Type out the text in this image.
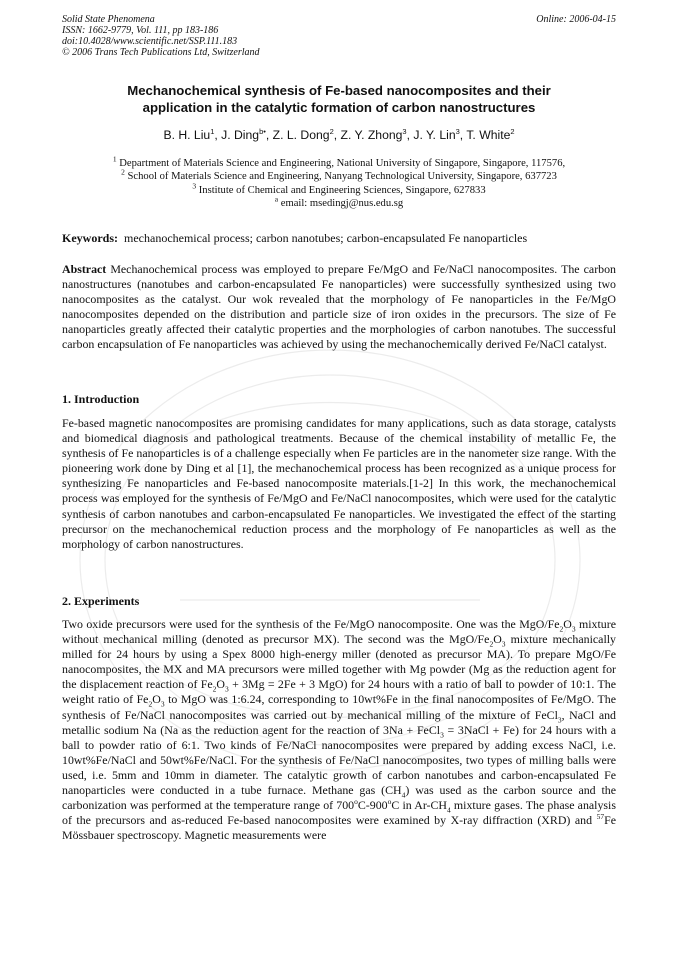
Solid State Phenomena
ISSN: 1662-9779, Vol. 111, pp 183-186
doi:10.4028/www.scientific.net/SSP.111.183
© 2006 Trans Tech Publications Ltd, Switzerland
Online: 2006-04-15
Mechanochemical synthesis of Fe-based nanocomposites and their
application in the catalytic formation of carbon nanostructures
B. H. Liu$^1$, J. Ding$^{b•}$, Z. L. Dong$^2$, Z. Y. Zhong$^3$, J. Y. Lin$^3$, T. White$^2$
$^1$ Department of Materials Science and Engineering, National University of Singapore, Singapore, 117576,
$^2$ School of Materials Science and Engineering, Nanyang Technological University, Singapore, 637723
$^3$ Institute of Chemical and Engineering Sciences, Singapore, 627833
$^a$ email: msedingj@nus.edu.sg
Keywords: mechanochemical process; carbon nanotubes; carbon-encapsulated Fe nanoparticles
Abstract Mechanochemical process was employed to prepare Fe/MgO and Fe/NaCl nanocomposites. The carbon nanostructures (nanotubes and carbon-encapsulated Fe nanoparticles) were successfully synthesized using two nanocomposites as the catalyst. Our wok revealed that the morphology of Fe nanoparticles in the Fe/MgO nanocomposites depended on the distribution and particle size of iron oxides in the precursors. The size of Fe nanoparticles greatly affected their catalytic properties and the morphologies of carbon nanotubes. The successful carbon encapsulation of Fe nanoparticles was achieved by using the mechanochemically derived Fe/NaCl catalyst.
1. Introduction
Fe-based magnetic nanocomposites are promising candidates for many applications, such as data storage, catalysts and biomedical diagnosis and pathological treatments. Because of the chemical instability of metallic Fe, the synthesis of Fe nanoparticles is of a challenge especially when Fe particles are in the nanometer size range. With the pioneering work done by Ding et al [1], the mechanochemical process has been recognized as a unique process for synthesizing Fe nanoparticles and Fe-based nanocomposite materials.[1-2] In this work, the mechanochemical process was employed for the synthesis of Fe/MgO and Fe/NaCl nanocomposites, which were used for the catalytic synthesis of carbon nanotubes and carbon-encapsulated Fe nanoparticles. We investigated the effect of the starting precursor on the mechanochemical reduction process and the morphology of Fe nanoparticles as well as the morphology of carbon nanostructures.
2. Experiments
Two oxide precursors were used for the synthesis of the Fe/MgO nanocomposite. One was the MgO/$Fe_2O_3$ mixture without mechanical milling (denoted as precursor MX). The second was the MgO/$Fe_2O_3$ mixture mechanically milled for 24 hours by using a Spex 8000 high-energy miller (denoted as precursor MA). To prepare MgO/Fe nanocomposites, the MX and MA precursors were milled together with Mg powder (Mg as the reduction agent for the displacement reaction of $Fe_2O_3 + 3Mg = 2Fe + 3$ MgO) for 24 hours with a ratio of ball to powder of 10:1. The weight ratio of $Fe_2O_3$ to MgO was 1:6.24, corresponding to 10wt%Fe in the final nanocomposites of Fe/MgO. The synthesis of Fe/NaCl nanocomposites was carried out by mechanical milling of the mixture of FeCl$_3$, NaCl and metallic sodium Na (Na as the reduction agent for the reaction of 3Na + FeCl$_3$ = 3NaCl + Fe) for 24 hours with a ball to powder ratio of 6:1. Two kinds of Fe/NaCl nanocomposites were prepared by adding excess NaCl, i.e. 10wt%Fe/NaCl and 50wt%Fe/NaCl. For the synthesis of Fe/NaCl nanocomposites, two types of milling balls were used, i.e. 5mm and 10mm in diameter. The catalytic growth of carbon nanotubes and carbon-encapsulated Fe nanoparticles were conducted in a tube furnace. Methane gas $(CH_4)$ was used as the carbon source and the carbonization was performed at the temperature range of 700$^o$C-900$^o$C in $Ar-CH_4$ mixture gases. The phase analysis of the precursors and as-reduced Fe-based nanocomposites were examined by X-ray diffraction (XRD) and $^{57}$Fe Mössbauer spectroscopy. Magnetic measurements were
